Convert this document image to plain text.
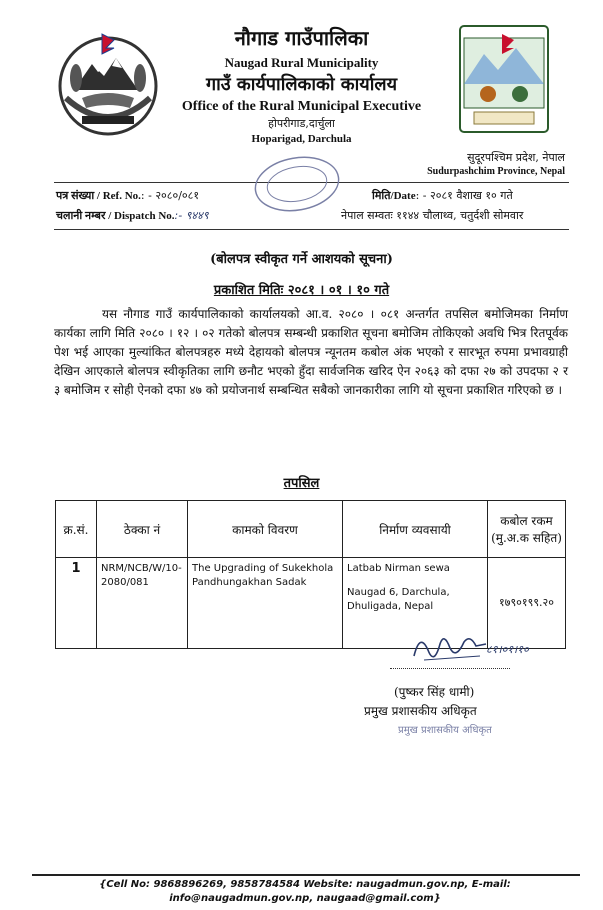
नौगाड गाउँपालिका
Naugad Rural Municipality
गाउँ कार्यपालिकाको कार्यालय
Office of the Rural Municipal Executive
होपरीगाड,दार्चुला
Hoparigad, Darchula
सुदूरपश्चिम प्रदेश, नेपाल
Sudurpashchim Province, Nepal
पत्र संख्या / Ref. No.: - २०८०/०८१
चलानी नम्बर / Dispatch No.:- ९४४९
मिति/Date: - २०८१ वैशाख १० गते
नेपाल सम्वतः ११४४ चौलाथ्व, चतुर्दशी सोमवार
(बोलपत्र स्वीकृत गर्ने आशयको सूचना)
प्रकाशित मितिः २०८१ । ०१ । १० गते
यस नौगाड गाउँ कार्यपालिकाको कार्यालयको आ.व. २०८० । ०८१ अन्तर्गत तपसिल बमोजिमका निर्माण कार्यका लागि मिति २०८० । १२ । ०२ गतेको बोलपत्र सम्बन्धी प्रकाशित सूचना बमोजिम तोकिएको अवधि भित्र रितपूर्वक पेश भई आएका मुल्यांकित बोलपत्रहरु मध्ये देहायको बोलपत्र न्यूनतम कबोल अंक भएको र सारभूत रुपमा प्रभावग्राही देखिन आएकाले बोलपत्र स्वीकृतिका लागि छनौट भएको हुँदा सार्वजनिक खरिद ऐन २०६३ को दफा २७ को उपदफा २ र ३ बमोजिम र सोही ऐनको दफा ४७ को प्रयोजनार्थ सम्बन्धित सबैको जानकारीका लागि यो सूचना प्रकाशित गरिएको छ ।
तपसिल
क्र.सं.	ठेक्का नं	कामको विवरण	निर्माण व्यवसायी	कबोल रकम (मु.अ.क सहित)
1	NRM/NCB/W/10-2080/081	The Upgrading of Sukekhola Pandhungakhan Sadak	Latbab Nirman sewa
Naugad 6, Darchula, Dhuligada, Nepal	१७९०१९९.२०
८१।०१।१०
(पुष्कर सिंह धामी)
प्रमुख प्रशासकीय अधिकृत
प्रमुख प्रशासकीय अधिकृत
{Cell No: 9868896269, 9858784584 Website: naugadmun.gov.np, E-mail: info@naugadmun.gov.np, naugaad@gmail.com}
